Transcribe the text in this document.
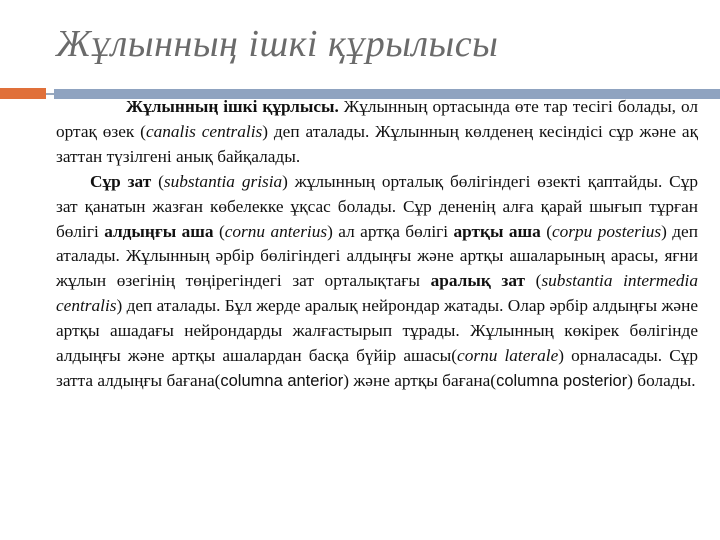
Жұлынның ішкі құрылысы

Жұлынның ішкі құрлысы. Жұлынның ортасында өте тар тесігі болады, ол ортақ өзек (canalis centralis) деп аталады. Жұлынның көлденең кесіндісі сұр және ақ заттан түзілгені анық байқалады.

Сұр зат (substantia grisia) жұлынның орталық бөлігіндегі өзекті қаптайды. Сұр зат қанатын жазған көбелекке ұқсас болады. Сұр дененің алға қарай шығып тұрған бөлігі алдыңғы аша (cornu anterius) ал артқа бөлігі артқы аша (corpu posterius) деп аталады. Жұлынның әрбір бөлігіндегі алдыңғы және артқы ашаларының арасы, яғни жұлын өзегінің төңірегіндегі зат орталықтағы аралық зат (substantia intermedia centralis) деп аталады. Бұл жерде аралық нейрондар жатады. Олар әрбір алдыңғы және артқы ашадағы нейрондарды жалғастырып тұрады. Жұлынның көкірек бөлігінде алдыңғы және артқы ашалардан басқа бүйір ашасы(cornu laterale) орналасады. Сұр затта алдыңғы бағана(columna anterior) және артқы бағана(columna posterior) болады.
